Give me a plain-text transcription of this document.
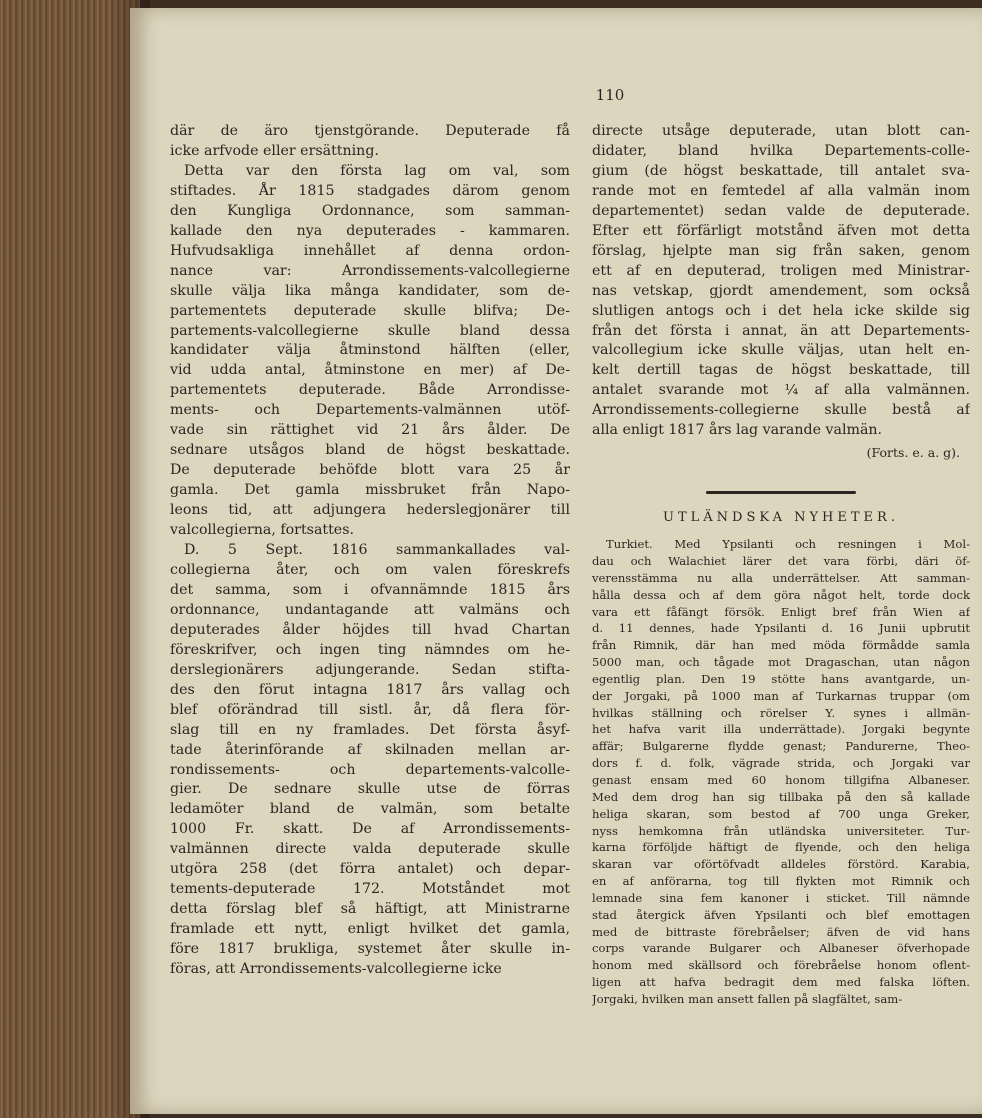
110
där de äro tjenstgörande. Deputerade få
icke arfvode eller ersättning.
Detta var den första lag om val, som
stiftades. År 1815 stadgades därom genom
den Kungliga Ordonnance, som samman-
kallade den nya deputerades - kammaren.
Hufvudsakliga innehållet af denna ordon-
nance var: Arrondissements-valcollegierne
skulle välja lika många kandidater, som de-
partementets deputerade skulle blifva; De-
partements-valcollegierne skulle bland dessa
kandidater välja åtminstond hälften (eller,
vid udda antal, åtminstone en mer) af De-
partementets deputerade. Både Arrondisse-
ments- och Departements-valmännen utöf-
vade sin rättighet vid 21 års ålder. De
sednare utsågos bland de högst beskattade.
De deputerade behöfde blott vara 25 år
gamla. Det gamla missbruket från Napo-
leons tid, att adjungera hederslegjonärer till
valcollegierna, fortsattes.
D. 5 Sept. 1816 sammankallades val-
collegierna åter, och om valen föreskrefs
det samma, som i ofvannämnde 1815 års
ordonnance, undantagande att valmäns och
deputerades ålder höjdes till hvad Chartan
föreskrifver, och ingen ting nämndes om he-
derslegionärers adjungerande. Sedan stifta-
des den förut intagna 1817 års vallag och
blef oförändrad till sistl. år, då flera för-
slag till en ny framlades. Det första åsyf-
tade återinförande af skilnaden mellan ar-
rondissements- och departements-valcolle-
gier. De sednare skulle utse de förras
ledamöter bland de valmän, som betalte
1000 Fr. skatt. De af Arrondissements-
valmännen directe valda deputerade skulle
utgöra 258 (det förra antalet) och depar-
tements-deputerade 172. Motståndet mot
detta förslag blef så häftigt, att Ministrarne
framlade ett nytt, enligt hvilket det gamla,
före 1817 brukliga, systemet åter skulle in-
föras, att Arrondissements-valcollegierne icke
directe utsåge deputerade, utan blott can-
didater, bland hvilka Departements-colle-
gium (de högst beskattade, till antalet sva-
rande mot en femtedel af alla valmän inom
departementet) sedan valde de deputerade.
Efter ett förfärligt motstånd äfven mot detta
förslag, hjelpte man sig från saken, genom
ett af en deputerad, troligen med Ministrar-
nas vetskap, gjordt amendement, som också
slutligen antogs och i det hela icke skilde sig
från det första i annat, än att Departements-
valcollegium icke skulle väljas, utan helt en-
kelt dertill tagas de högst beskattade, till
antalet svarande mot ¼ af alla valmännen.
Arrondissements-collegierne skulle bestå af
alla enligt 1817 års lag varande valmän.
(Forts. e. a. g).
UTLÄNDSKA NYHETER.
Turkiet. Med Ypsilanti och resningen i Mol-
dau och Walachiet lärer det vara förbi, däri öf-
verensstämma nu alla underrättelser. Att samman-
hålla dessa och af dem göra något helt, torde dock
vara ett fåfängt försök. Enligt bref från Wien af
d. 11 dennes, hade Ypsilanti d. 16 Junii upbrutit
från Rimnik, där han med möda förmådde samla
5000 man, och tågade mot Dragaschan, utan någon
egentlig plan. Den 19 stötte hans avantgarde, un-
der Jorgaki, på 1000 man af Turkarnas truppar (om
hvilkas ställning och rörelser Y. synes i allmän-
het hafva varit illa underrättade). Jorgaki begynte
affär; Bulgarerne flydde genast; Pandurerne, Theo-
dors f. d. folk, vägrade strida, och Jorgaki var
genast ensam med 60 honom tillgifna Albaneser.
Med dem drog han sig tillbaka på den så kallade
heliga skaran, som bestod af 700 unga Greker,
nyss hemkomna från utländska universiteter. Tur-
karna förföljde häftigt de flyende, och den heliga
skaran var oförtöfvadt alldeles förstörd. Karabia,
en af anförarna, tog till flykten mot Rimnik och
lemnade sina fem kanoner i sticket. Till nämnde
stad återgick äfven Ypsilanti och blef emottagen
med de bittraste förebråelser; äfven de vid hans
corps varande Bulgarer och Albaneser öfverhopade
honom med skällsord och förebråelse honom oflent-
ligen att hafva bedragit dem med falska löften.
Jorgaki, hvilken man ansett fallen på slagfältet, sam-
